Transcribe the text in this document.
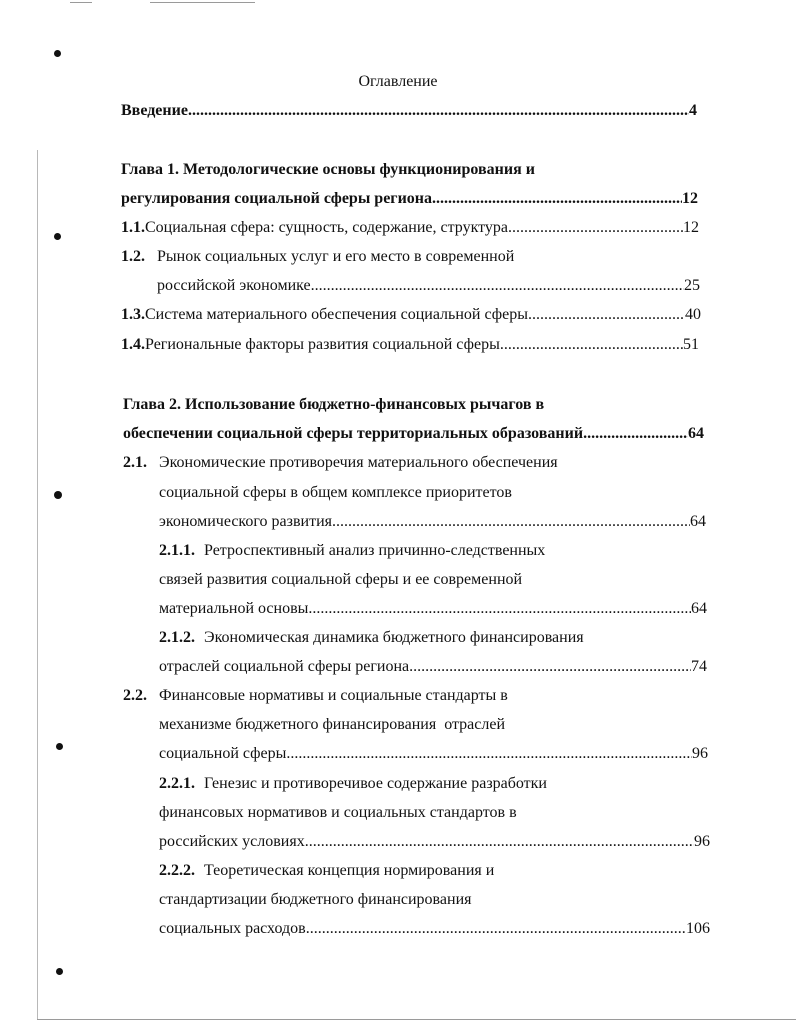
Оглавление
Введение .....	4
Глава 1. Методологические основы функционирования и
регулирования социальной сферы региона .....	12
1.1. Социальная сфера: сущность, содержание, структура .....	12
1.2. Рынок социальных услуг и его место в современной
российской экономике .....	25
1.3. Система материального обеспечения социальной сферы .....	40
1.4. Региональные факторы развития социальной сферы .....	51
Глава 2. Использование бюджетно-финансовых рычагов в
обеспечении социальной сферы территориальных образований .....	64
2.1. Экономические противоречия материального обеспечения
социальной сферы в общем комплексе приоритетов
экономического развития .....	64
2.1.1. Ретроспективный анализ причинно-следственных
связей развития социальной сферы и ее современной
материальной основы .....	64
2.1.2. Экономическая динамика бюджетного финансирования
отраслей социальной сферы региона .....	74
2.2. Финансовые нормативы и социальные стандарты в
механизме бюджетного финансирования  отраслей
социальной сферы .....	96
2.2.1. Генезис и противоречивое содержание разработки
финансовых нормативов и социальных стандартов в
российских условиях .....	96
2.2.2. Теоретическая концепция нормирования и
стандартизации бюджетного финансирования
социальных расходов .....	106
